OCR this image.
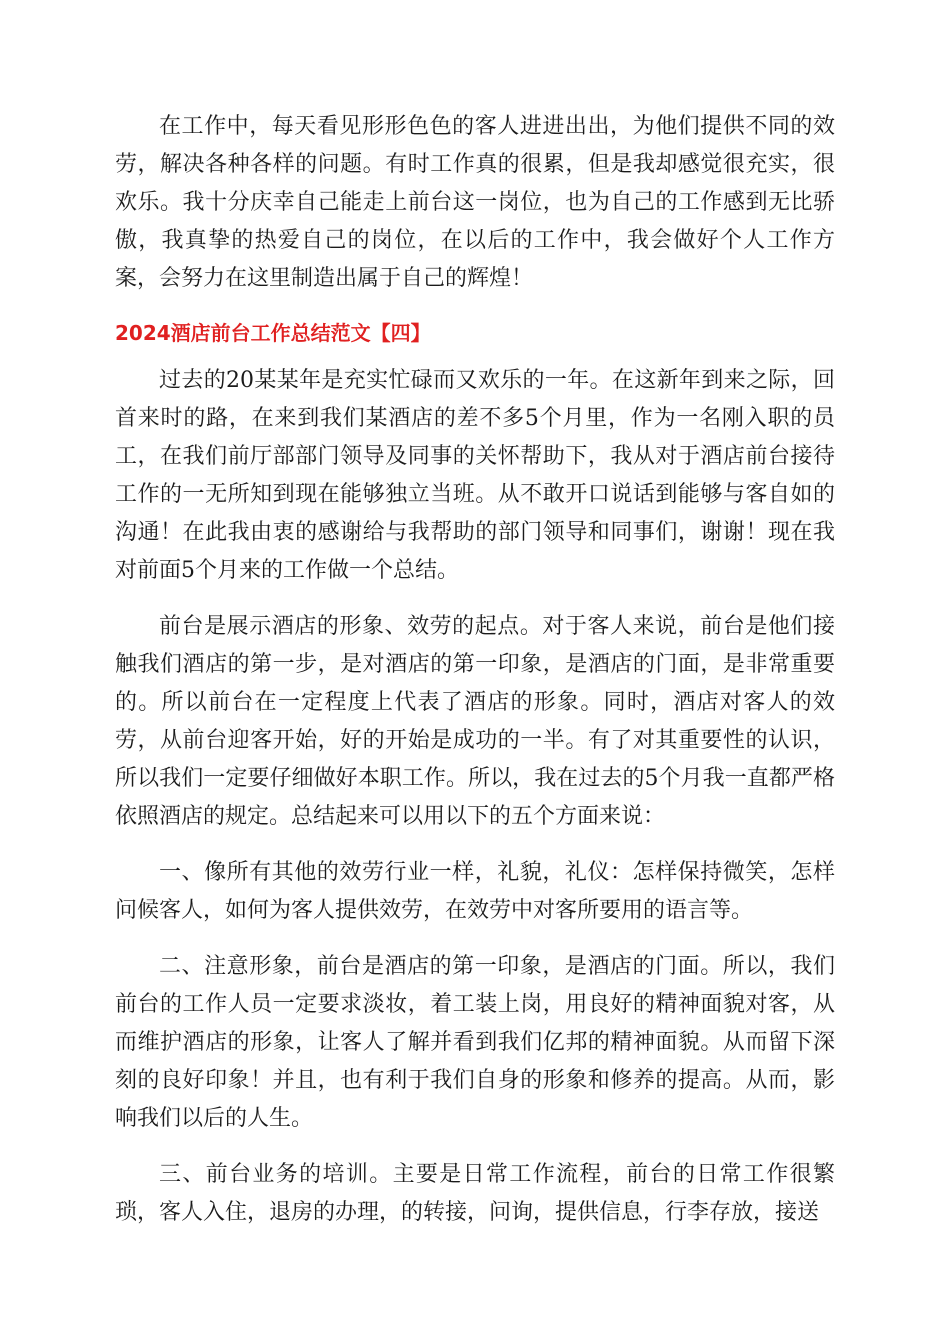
在工作中，每天看见形形色色的客人进进出出，为他们提供不同的效劳，解决各种各样的问题。有时工作真的很累，但是我却感觉很充实，很欢乐。我十分庆幸自己能走上前台这一岗位，也为自己的工作感到无比骄傲，我真挚的热爱自己的岗位，在以后的工作中，我会做好个人工作方案，会努力在这里制造出属于自己的辉煌！

2024酒店前台工作总结范文【四】

过去的20某某年是充实忙碌而又欢乐的一年。在这新年到来之际，回首来时的路，在来到我们某酒店的差不多5个月里，作为一名刚入职的员工，在我们前厅部部门领导及同事的关怀帮助下，我从对于酒店前台接待工作的一无所知到现在能够独立当班。从不敢开口说话到能够与客自如的沟通！在此我由衷的感谢给与我帮助的部门领导和同事们，谢谢！现在我对前面5个月来的工作做一个总结。

前台是展示酒店的形象、效劳的起点。对于客人来说，前台是他们接触我们酒店的第一步，是对酒店的第一印象，是酒店的门面，是非常重要的。所以前台在一定程度上代表了酒店的形象。同时，酒店对客人的效劳，从前台迎客开始，好的开始是成功的一半。有了对其重要性的认识，所以我们一定要仔细做好本职工作。所以，我在过去的5个月我一直都严格依照酒店的规定。总结起来可以用以下的五个方面来说：

一、像所有其他的效劳行业一样，礼貌，礼仪：怎样保持微笑，怎样问候客人，如何为客人提供效劳，在效劳中对客所要用的语言等。

二、注意形象，前台是酒店的第一印象，是酒店的门面。所以，我们前台的工作人员一定要求淡妆，着工装上岗，用良好的精神面貌对客，从而维护酒店的形象，让客人了解并看到我们亿邦的精神面貌。从而留下深刻的良好印象！并且，也有利于我们自身的形象和修养的提高。从而，影响我们以后的人生。

三、前台业务的培训。主要是日常工作流程，前台的日常工作很繁琐，客人入住，退房的办理，的转接，问询，提供信息，行李存放，接送
